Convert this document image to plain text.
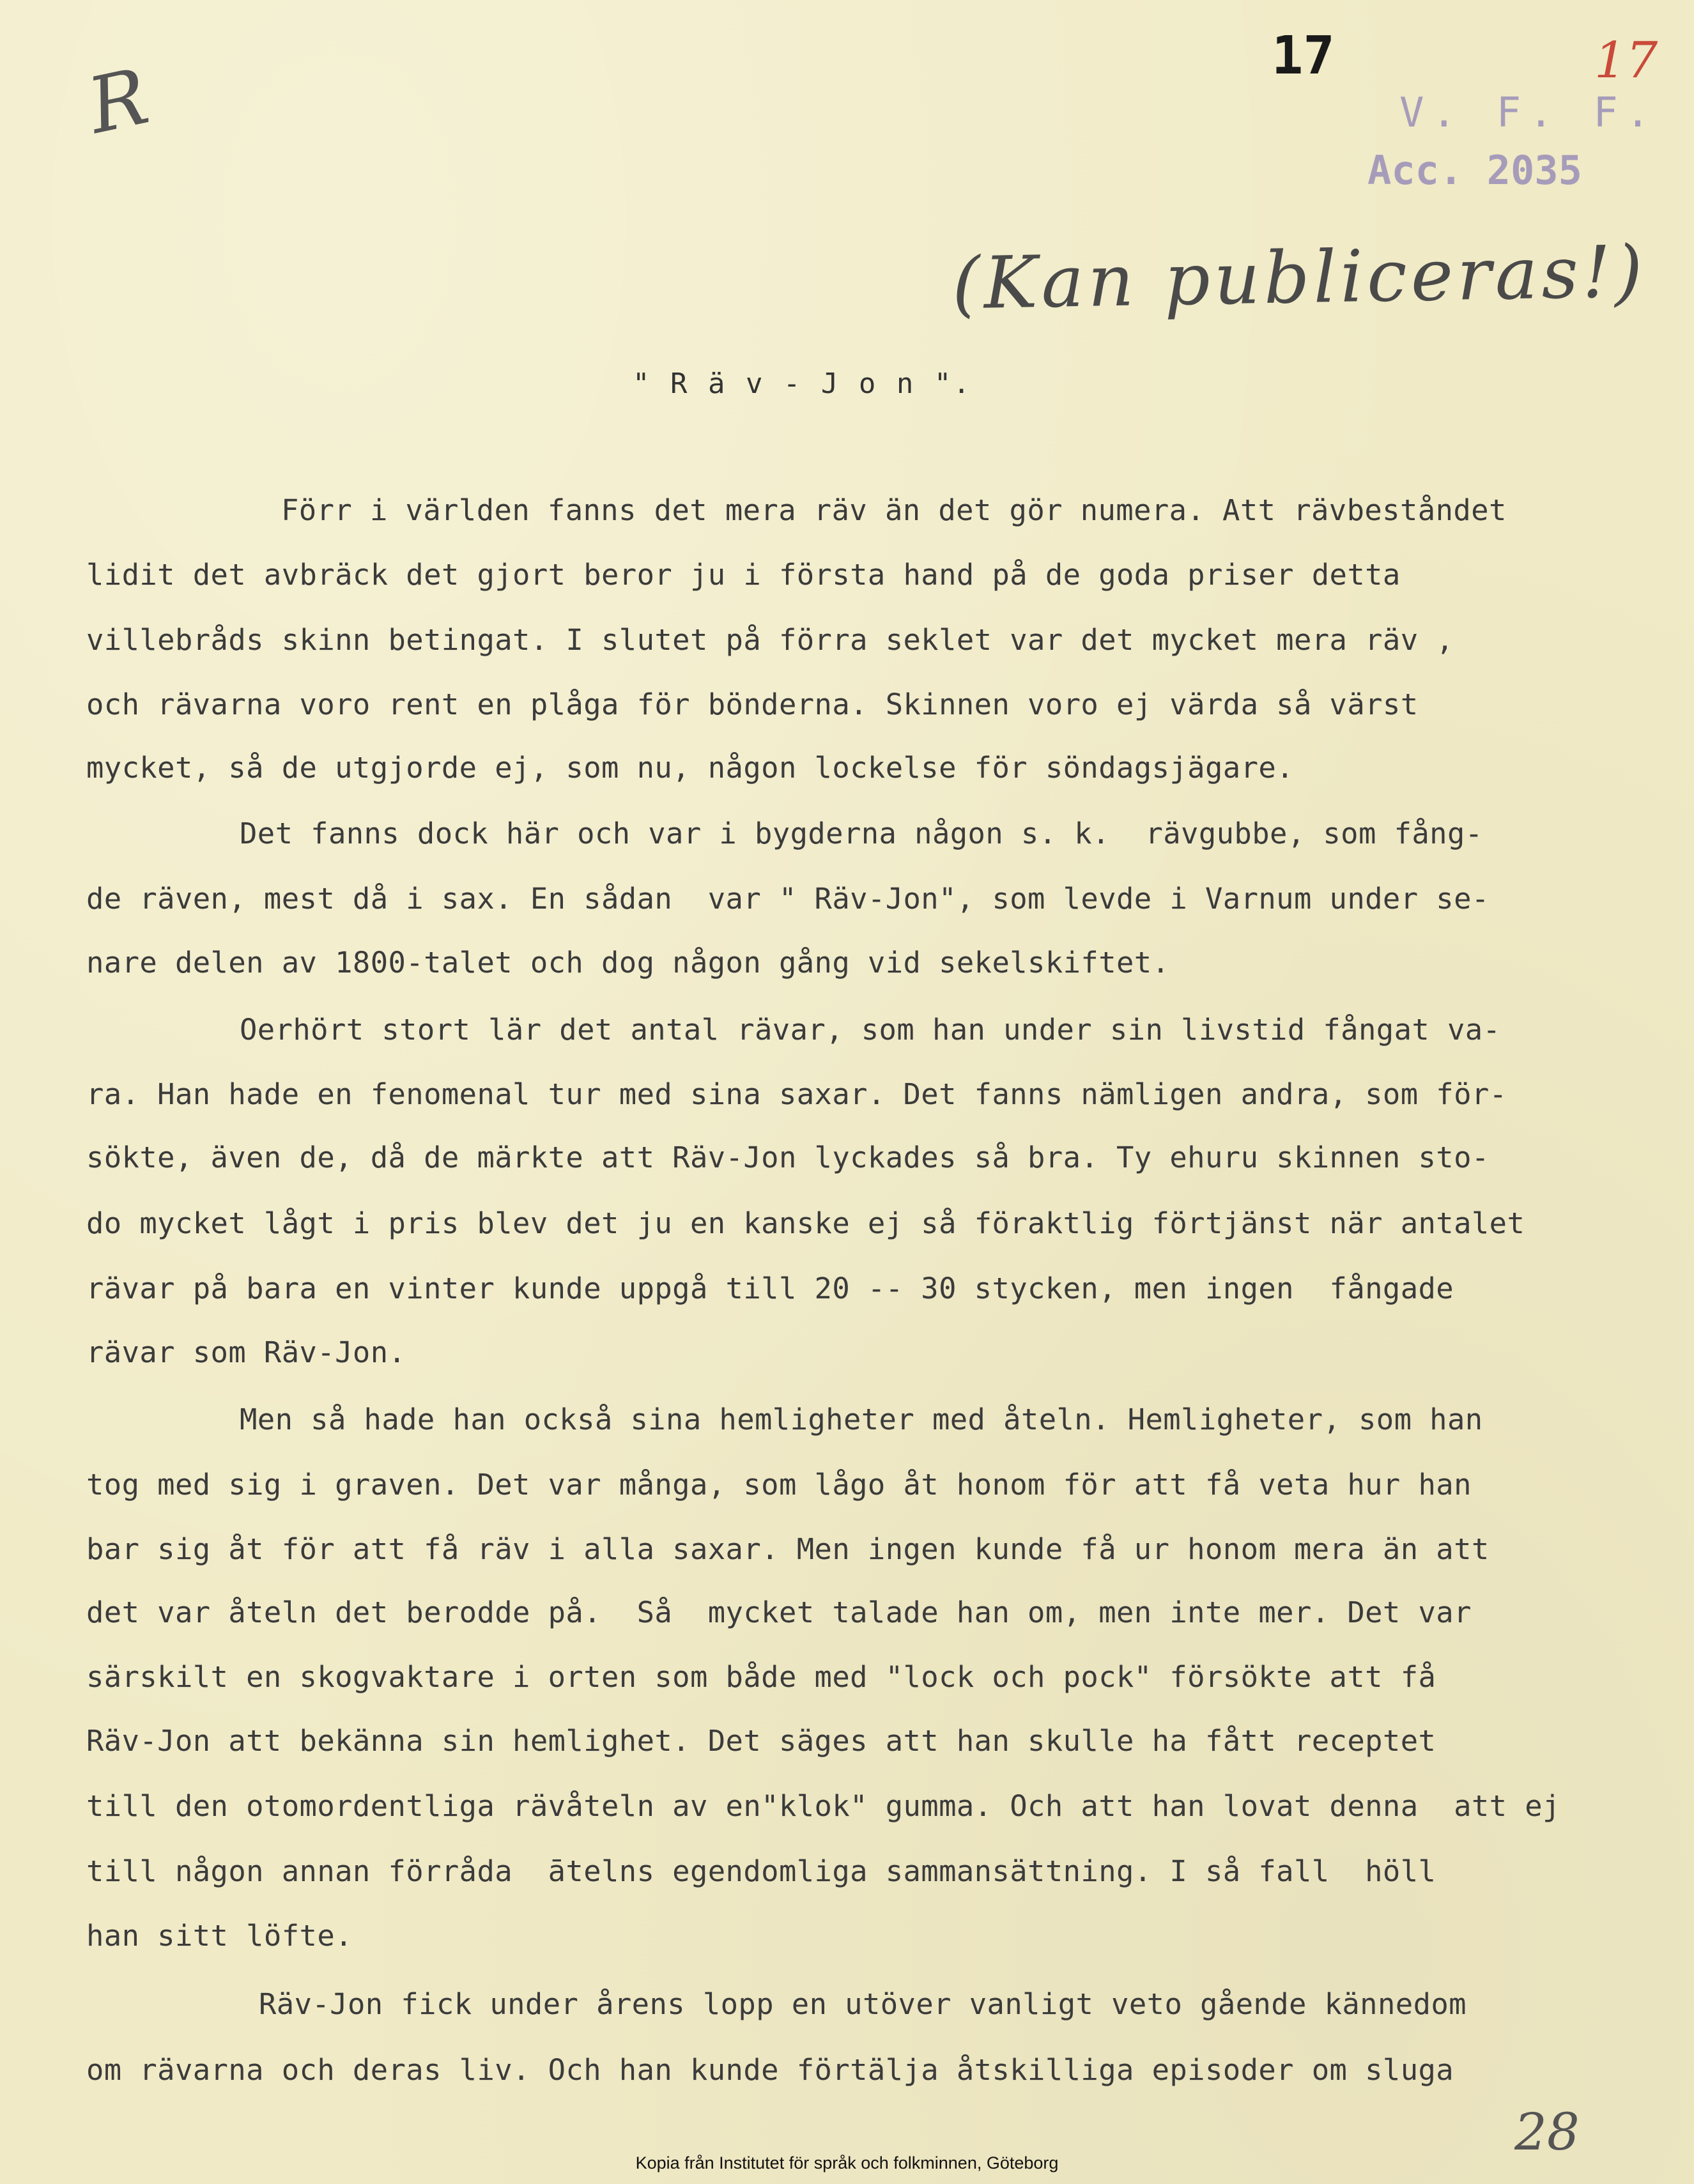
R	17	17
V. F. F.
Acc. 2035
(Kan publiceras!)
" R ä v - J o n ".
Förr i världen fanns det mera räv än det gör numera. Att rävbeståndet
lidit det avbräck det gjort beror ju i första hand på de goda priser detta
villebråds skinn betingat. I slutet på förra seklet var det mycket mera räv ,
och rävarna voro rent en plåga för bönderna. Skinnen voro ej värda så värst
mycket, så de utgjorde ej, som nu, någon lockelse för söndagsjägare.
Det fanns dock här och var i bygderna någon s. k.  rävgubbe, som fång-
de räven, mest då i sax. En sådan  var " Räv-Jon", som levde i Varnum under se-
nare delen av 1800-talet och dog någon gång vid sekelskiftet.
Oerhört stort lär det antal rävar, som han under sin livstid fångat va-
ra. Han hade en fenomenal tur med sina saxar. Det fanns nämligen andra, som för-
sökte, även de, då de märkte att Räv-Jon lyckades så bra. Ty ehuru skinnen sto-
do mycket lågt i pris blev det ju en kanske ej så föraktlig förtjänst när antalet
rävar på bara en vinter kunde uppgå till 20 -- 30 stycken, men ingen  fångade
rävar som Räv-Jon.
Men så hade han också sina hemligheter med åteln. Hemligheter, som han
tog med sig i graven. Det var många, som lågo åt honom för att få veta hur han
bar sig åt för att få räv i alla saxar. Men ingen kunde få ur honom mera än att
det var åteln det berodde på.  Så  mycket talade han om, men inte mer. Det var
särskilt en skogvaktare i orten som både med "lock och pock" försökte att få
Räv-Jon att bekänna sin hemlighet. Det säges att han skulle ha fått receptet
till den otomordentliga rävåteln av en"klok" gumma. Och att han lovat denna  att ej
till någon annan förråda  ātelns egendomliga sammansättning. I så fall  höll
han sitt löfte.
Räv-Jon fick under årens lopp en utöver vanligt veto gående kännedom
om rävarna och deras liv. Och han kunde förtälja åtskilliga episoder om sluga
28
Kopia från Institutet för språk och folkminnen, Göteborg
